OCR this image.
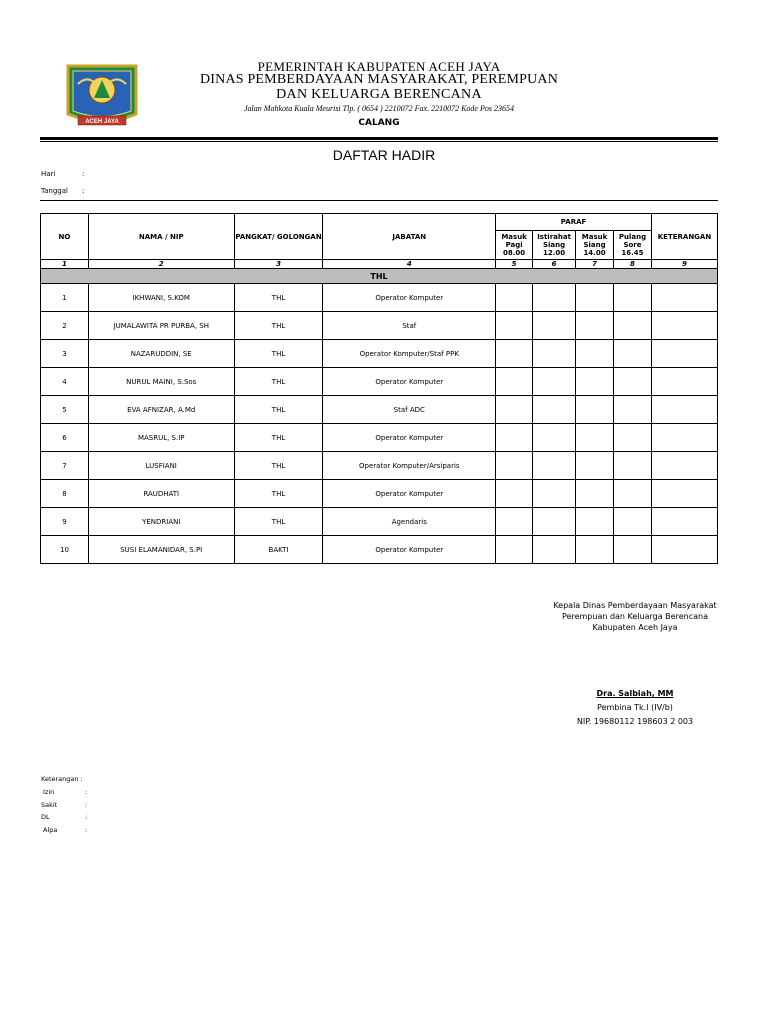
ACEH JAYA
PEMERINTAH KABUPATEN ACEH JAYA
DINAS PEMBERDAYAAN MASYARAKAT, PEREMPUAN
DAN KELUARGA BERENCANA
Jalan Mahkota Kuala Meurisi Tlp. ( 0654 ) 2210072 Fax. 2210072 Kode Pos 23654
CALANG
DAFTAR HADIR
Hari	:
Tanggal :
NO	NAMA / NIP	PANGKAT/ GOLONGAN	JABATAN	PARAF				KETERANGAN
				Masuk
Pagi
08.00	Istirahat
Siang
12.00	Masuk
Siang
14.00	Pulang
Sore
16.45	
1	2	3	4	5	6	7	8	9
THL								
1	IKHWANI, S.KOM	THL	Operator Komputer					
2	JUMALAWITA PR PURBA, SH	THL	Staf					
3	NAZARUDDIN, SE	THL	Operator Komputer/Staf PPK					
4	NURUL MAINI, S.Sos	THL	Operator Komputer					
5	EVA AFNIZAR, A.Md	THL	Staf ADC					
6	MASRUL, S.IP	THL	Operator Komputer					
7	LUSFIANI	THL	Operator Komputer/Arsiparis					
8	RAUDHATI	THL	Operator Komputer					
9	YENDRIANI	THL	Agendaris					
10	SUSI ELAMANIDAR, S.PI	BAKTI	Operator Komputer					
Kepala Dinas Pemberdayaan Masyarakat
Perempuan dan Keluarga Berencana
Kabupaten Aceh Jaya
Dra. Salbiah, MM
Pembina Tk.I (IV/b)
NIP. 19680112 198603 2 003
Keterangan :
Izin	:
Sakit	:
DL	:
Alpa	:
